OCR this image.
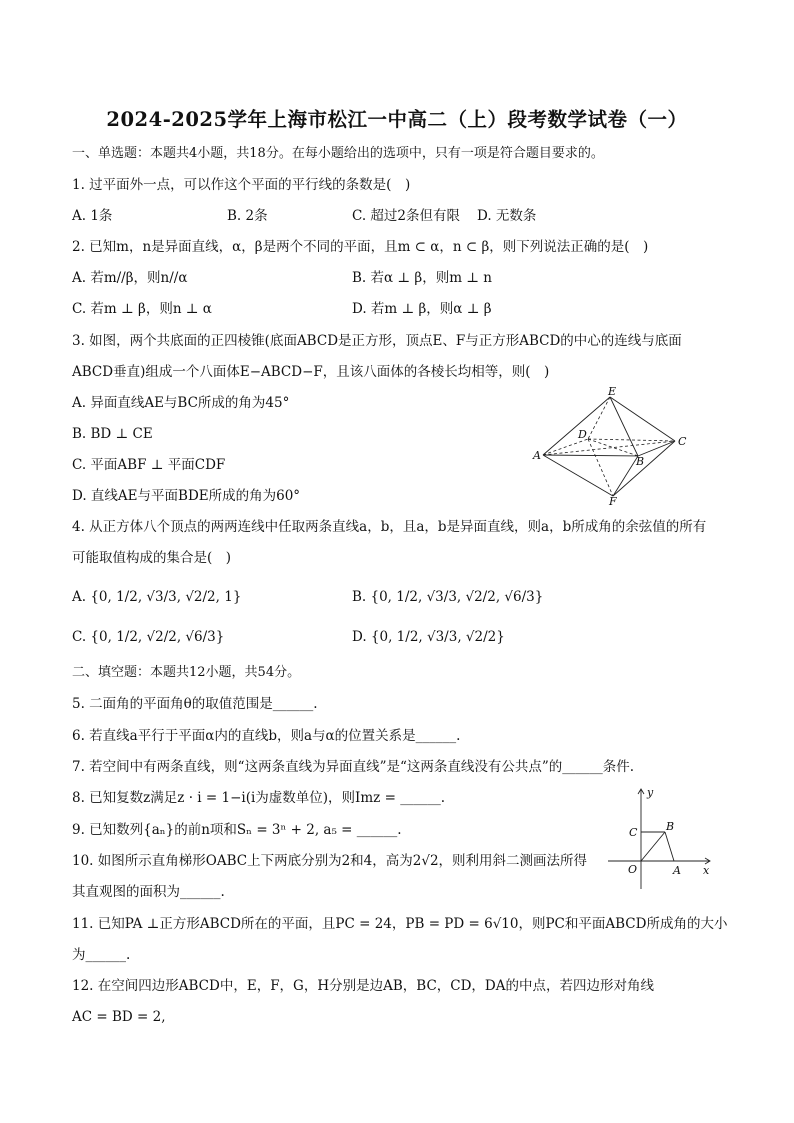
2024-2025学年上海市松江一中高二（上）段考数学试卷（一）
一、单选题：本题共4小题，共18分。在每小题给出的选项中，只有一项是符合题目要求的。
1. 过平面外一点，可以作这个平面的平行线的条数是(　)
A. 1条	B. 2条	C. 超过2条但有限 D. 无数条
2. 已知m，n是异面直线，α，β是两个不同的平面，且m ⊂ α，n ⊂ β，则下列说法正确的是(　)
A. 若m//β，则n//α	B. 若α ⊥ β，则m ⊥ n
C. 若m ⊥ β，则n ⊥ α	D. 若m ⊥ β，则α ⊥ β
3. 如图，两个共底面的正四棱锥(底面ABCD是正方形，顶点E、F与正方形ABCD的中心的连线与底面
ABCD垂直)组成一个八面体E−ABCD−F，且该八面体的各棱长均相等，则(　)
A. 异面直线AE与BC所成的角为45°
B. BD ⊥ CE
C. 平面ABF ⊥ 平面CDF
D. 直线AE与平面BDE所成的角为60°
E
D
C
A	B
F
4. 从正方体八个顶点的两两连线中任取两条直线a，b，且a，b是异面直线，则a，b所成角的余弦值的所有
可能取值构成的集合是(　)
A. {0, 1/2, √3/3, √2/2, 1}	B. {0, 1/2, √3/3, √2/2, √6/3}
C. {0, 1/2, √2/2, √6/3}	D. {0, 1/2, √3/3, √2/2}
二、填空题：本题共12小题，共54分。
5. 二面角的平面角θ的取值范围是______.
6. 若直线a平行于平面α内的直线b，则a与α的位置关系是______.
7. 若空间中有两条直线，则“这两条直线为异面直线”是“这两条直线没有公共点”的______条件.
8. 已知复数z满足z · i = 1−i(i为虚数单位)，则Imz = ______.
9. 已知数列{aₙ}的前n项和Sₙ = 3ⁿ + 2, a₅ = ______.
10. 如图所示直角梯形OABC上下两底分别为2和4，高为2√2，则利用斜二测画法所得
其直观图的面积为______.
y
C	B
O	A x
11. 已知PA ⊥正方形ABCD所在的平面，且PC = 24，PB = PD = 6√10，则PC和平面ABCD所成角的大小
为______.
12. 在空间四边形ABCD中，E，F，G，H分别是边AB，BC，CD，DA的中点，若四边形对角线
AC = BD = 2,
